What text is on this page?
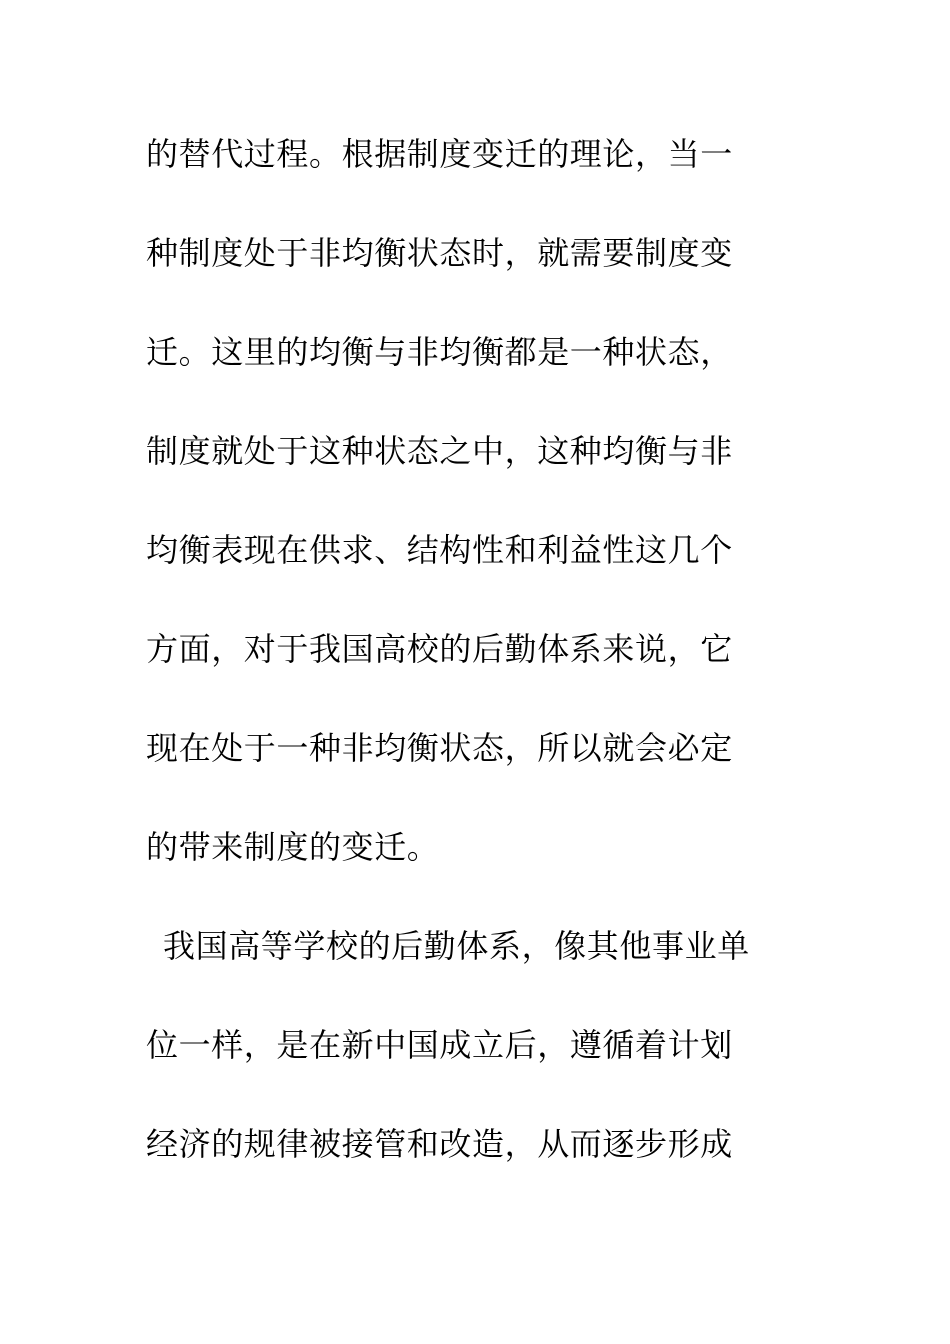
的替代过程。根据制度变迁的理论，当一
种制度处于非均衡状态时，就需要制度变
迁。这里的均衡与非均衡都是一种状态，
制度就处于这种状态之中，这种均衡与非
均衡表现在供求、结构性和利益性这几个
方面，对于我国高校的后勤体系来说，它
现在处于一种非均衡状态，所以就会必定
的带来制度的变迁。
我国高等学校的后勤体系，像其他事业单
位一样，是在新中国成立后，遵循着计划
经济的规律被接管和改造，从而逐步形成
